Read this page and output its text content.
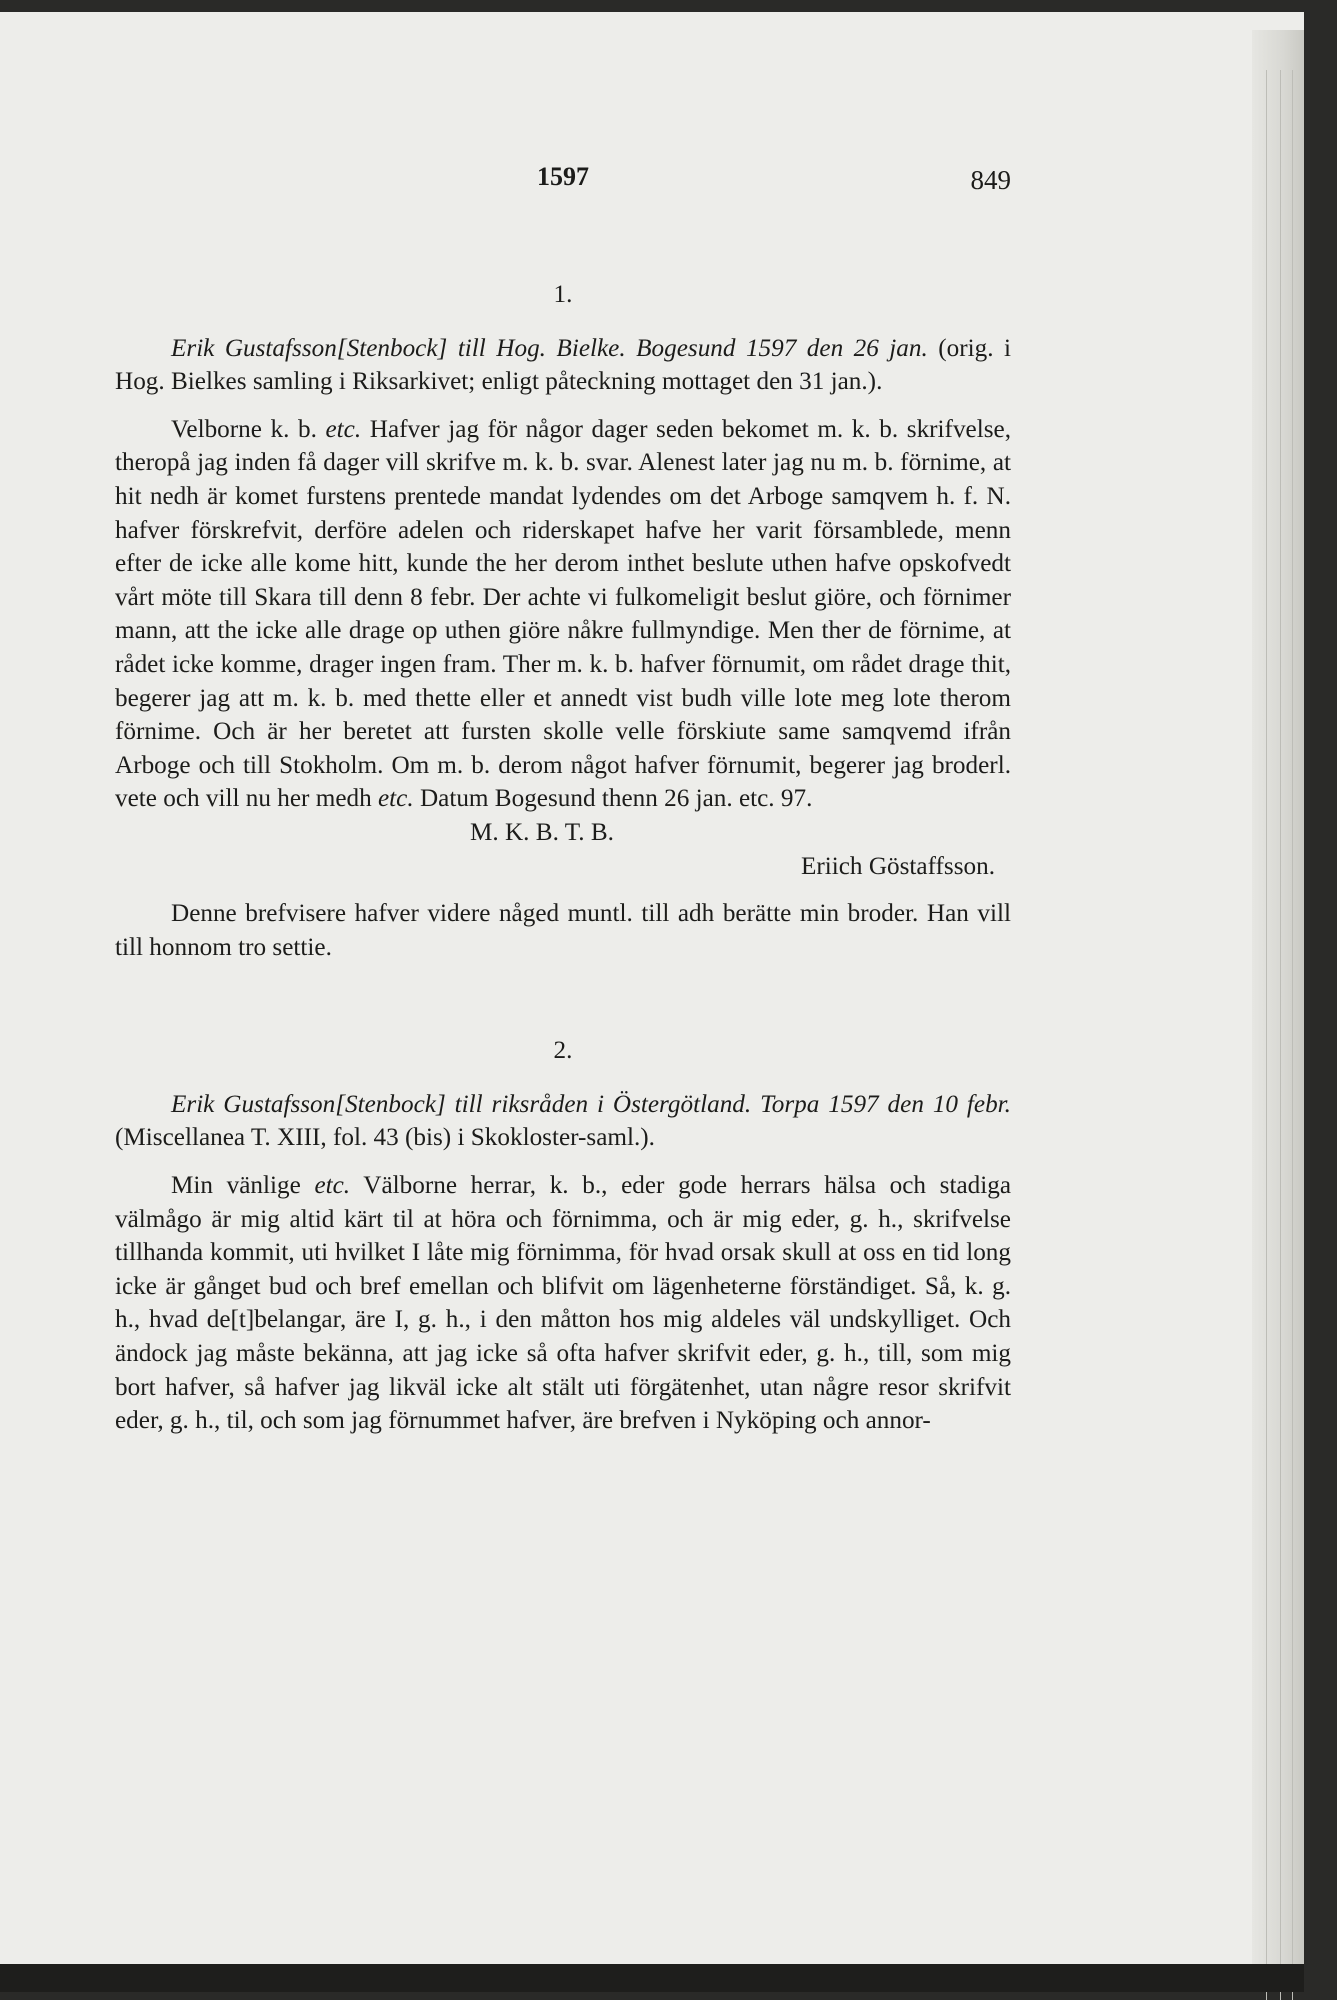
1597	849

1.

Erik Gustafsson[Stenbock] till Hog. Bielke. Bogesund 1597 den 26 jan. (orig. i Hog. Bielkes samling i Riksarkivet; enligt påteckning mottaget den 31 jan.).

Velborne k. b. etc. Hafver jag för någor dager seden bekomet m. k. b. skrifvelse, theropå jag inden få dager vill skrifve m. k. b. svar. Alenest later jag nu m. b. förnime, at hit nedh är komet furstens prentede mandat lydendes om det Arboge samqvem h. f. N. hafver förskrefvit, derföre adelen och riderskapet hafve her varit församblede, menn efter de icke alle kome hitt, kunde the her derom inthet beslute uthen hafve opskofvedt vårt möte till Skara till denn 8 febr. Der achte vi fulkomeligit beslut giöre, och förnimer mann, att the icke alle drage op uthen giöre nåkre fullmyndige. Men ther de förnime, at rådet icke komme, drager ingen fram. Ther m. k. b. hafver förnumit, om rådet drage thit, begerer jag att m. k. b. med thette eller et annedt vist budh ville lote meg lote therom förnime. Och är her beretet att fursten skolle velle förskiute same samqvemd ifrån Arboge och till Stokholm. Om m. b. derom något hafver förnumit, begerer jag broderl. vete och vill nu her medh etc. Datum Bogesund thenn 26 jan. etc. 97.

M. K. B. T. B.

Eriich Göstaffsson.

Denne brefvisere hafver videre någed muntl. till adh berätte min broder. Han vill till honnom tro settie.

2.

Erik Gustafsson[Stenbock] till riksråden i Östergötland. Torpa 1597 den 10 febr. (Miscellanea T. XIII, fol. 43 (bis) i Skokloster-saml.).

Min vänlige etc. Välborne herrar, k. b., eder gode herrars hälsa och stadiga välmågo är mig altid kärt til at höra och förnimma, och är mig eder, g. h., skrifvelse tillhanda kommit, uti hvilket I låte mig förnimma, för hvad orsak skull at oss en tid long icke är gånget bud och bref emellan och blifvit om lägenheterne förständiget. Så, k. g. h., hvad de[t]belangar, äre I, g. h., i den måtton hos mig aldeles väl undskylliget. Och ändock jag måste bekänna, att jag icke så ofta hafver skrifvit eder, g. h., till, som mig bort hafver, så hafver jag likväl icke alt stält uti förgätenhet, utan någre resor skrifvit eder, g. h., til, och som jag förnummet hafver, äre brefven i Nyköping och annor-
